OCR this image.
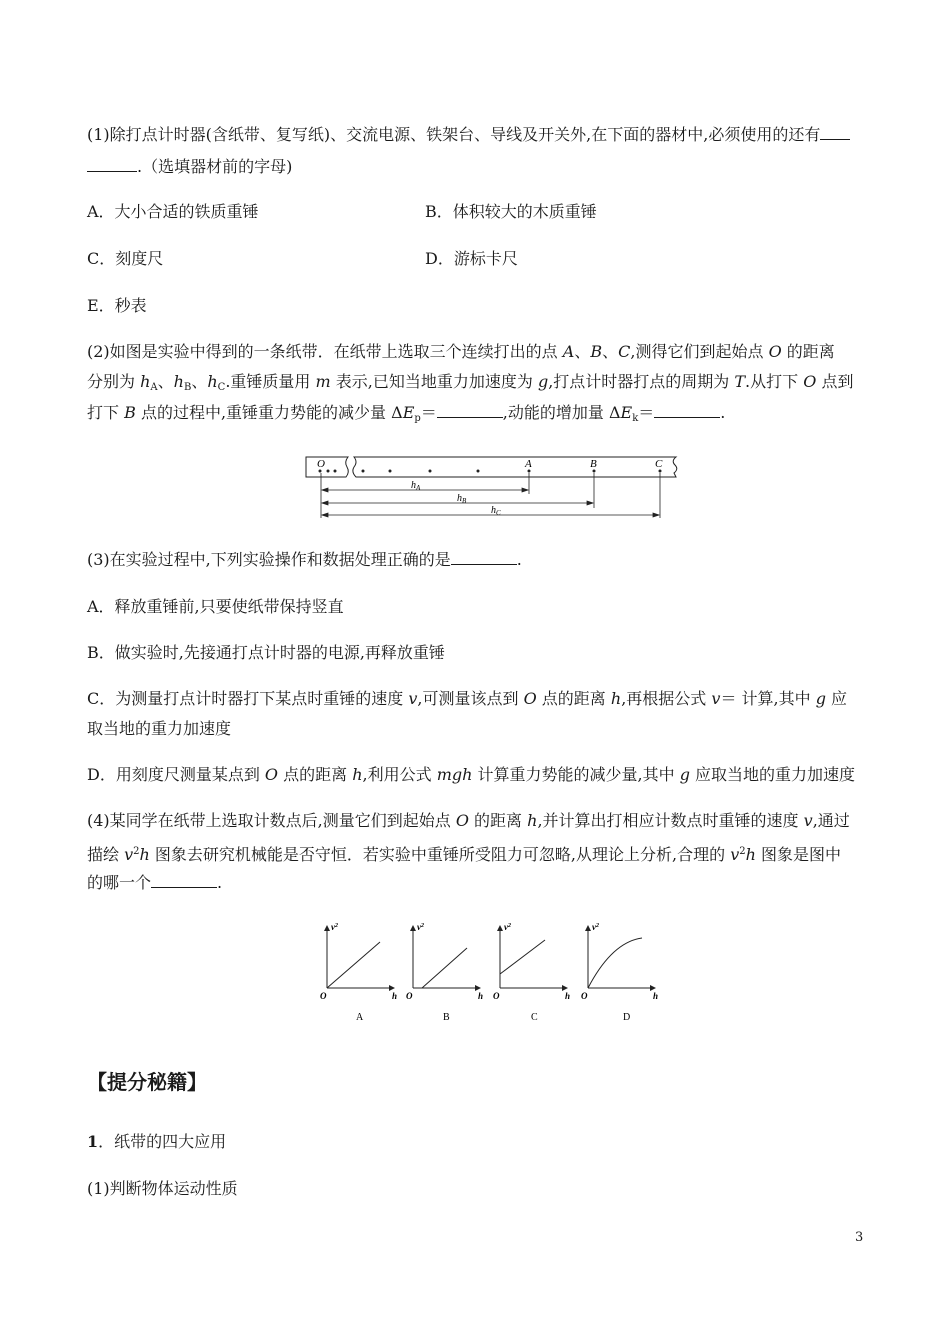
(1)除打点计时器(含纸带、复写纸)、交流电源、铁架台、导线及开关外,在下面的器材中,必须使用的还有
.（选填器材前的字母)
A．大小合适的铁质重锤	B．体积较大的木质重锤
C．刻度尺	D．游标卡尺
E．秒表
(2)如图是实验中得到的一条纸带．在纸带上选取三个连续打出的点 A、B、C,测得它们到起始点 O 的距离
分别为 $h_A$、$h_B$、$h_C$.重锤质量用 m 表示,已知当地重力加速度为 g,打点计时器打点的周期为 T.从打下 O 点到
打下 B 点的过程中,重锤重力势能的减少量 $\Delta E_p=$	,动能的增加量 $\Delta E_k=$	.
O	A	B	C
$h_A$
$h_B$
$h_C$
(3)在实验过程中,下列实验操作和数据处理正确的是	.
A．释放重锤前,只要使纸带保持竖直
B．做实验时,先接通打点计时器的电源,再释放重锤
C．为测量打点计时器打下某点时重锤的速度 v,可测量该点到 O 点的距离 h,再根据公式 v＝ 计算,其中 g 应
取当地的重力加速度
D．用刻度尺测量某点到 O 点的距离 h,利用公式 mgh 计算重力势能的减少量,其中 g 应取当地的重力加速度
(4)某同学在纸带上选取计数点后,测量它们到起始点 O 的距离 h,并计算出打相应计数点时重锤的速度 v,通过
描绘 $v^2h$ 图象去研究机械能是否守恒．若实验中重锤所受阻力可忽略,从理论上分析,合理的 $v^2h$ 图象是图中
的哪一个	.
$v^2$
O	h
A
$v^2$
O	h
B
$v^2$
O	h
C
$v^2$
O	h
D
【提分秘籍】
1．纸带的四大应用
(1)判断物体运动性质
3
